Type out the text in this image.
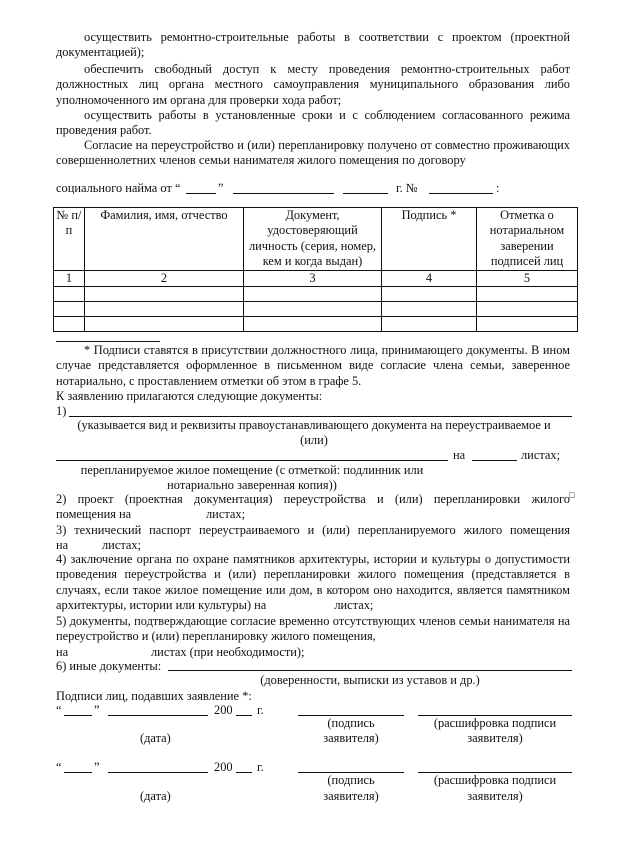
осуществить ремонтно-строительные работы в соответствии с проектом (проектной документацией);
обеспечить свободный доступ к месту проведения ремонтно-строительных работ должностных лиц органа местного самоуправления муниципального образования либо уполномоченного им органа для проверки хода работ;
осуществить работы в установленные сроки и с соблюдением согласованного режима проведения работ.
Согласие на переустройство и (или) перепланировку получено от совместно проживающих совершеннолетних членов семьи нанимателя жилого помещения по договору
социального найма от “	”	г. №	:
№ п/п	Фамилия, имя, отчество	Документ, удостоверяющий личность (серия, номер, кем и когда выдан)	Подпись *	Отметка о нотариальном заверении подписей лиц
1	2	3	4	5

* Подписи ставятся в присутствии должностного лица, принимающего документы. В ином случае представляется оформленное в письменном виде согласие члена семьи, заверенное нотариально, с проставлением отметки об этом в графе 5.
К заявлению прилагаются следующие документы:
1)
(указывается вид и реквизиты правоустанавливающего документа на переустраиваемое и
(или)
на	листах;
перепланируемое жилое помещение (с отметкой: подлинник или
нотариально заверенная копия))
2) проект (проектная документация) переустройства и (или) перепланировки жилого □
помещения на	листах;
3) технический паспорт переустраиваемого и (или) перепланируемого жилого помещения
на	листах;
4) заключение органа по охране памятников архитектуры, истории и культуры о допустимости проведения переустройства и (или) перепланировки жилого помещения (представляется в случаях, если такое жилое помещение или дом, в котором оно находится, является памятником архитектуры, истории или культуры) на	листах;
5) документы, подтверждающие согласие временно отсутствующих членов семьи нанимателя на переустройство и (или) перепланировку жилого помещения,
на	листах (при необходимости);
6) иные документы:
(доверенности, выписки из уставов и др.)
Подписи лиц, подавших заявление *:
“	”	200 г.
(подпись	(расшифровка подписи
(дата)	заявителя)	заявителя)
“	”	200 г.
(подпись	(расшифровка подписи
(дата)	заявителя)	заявителя)
